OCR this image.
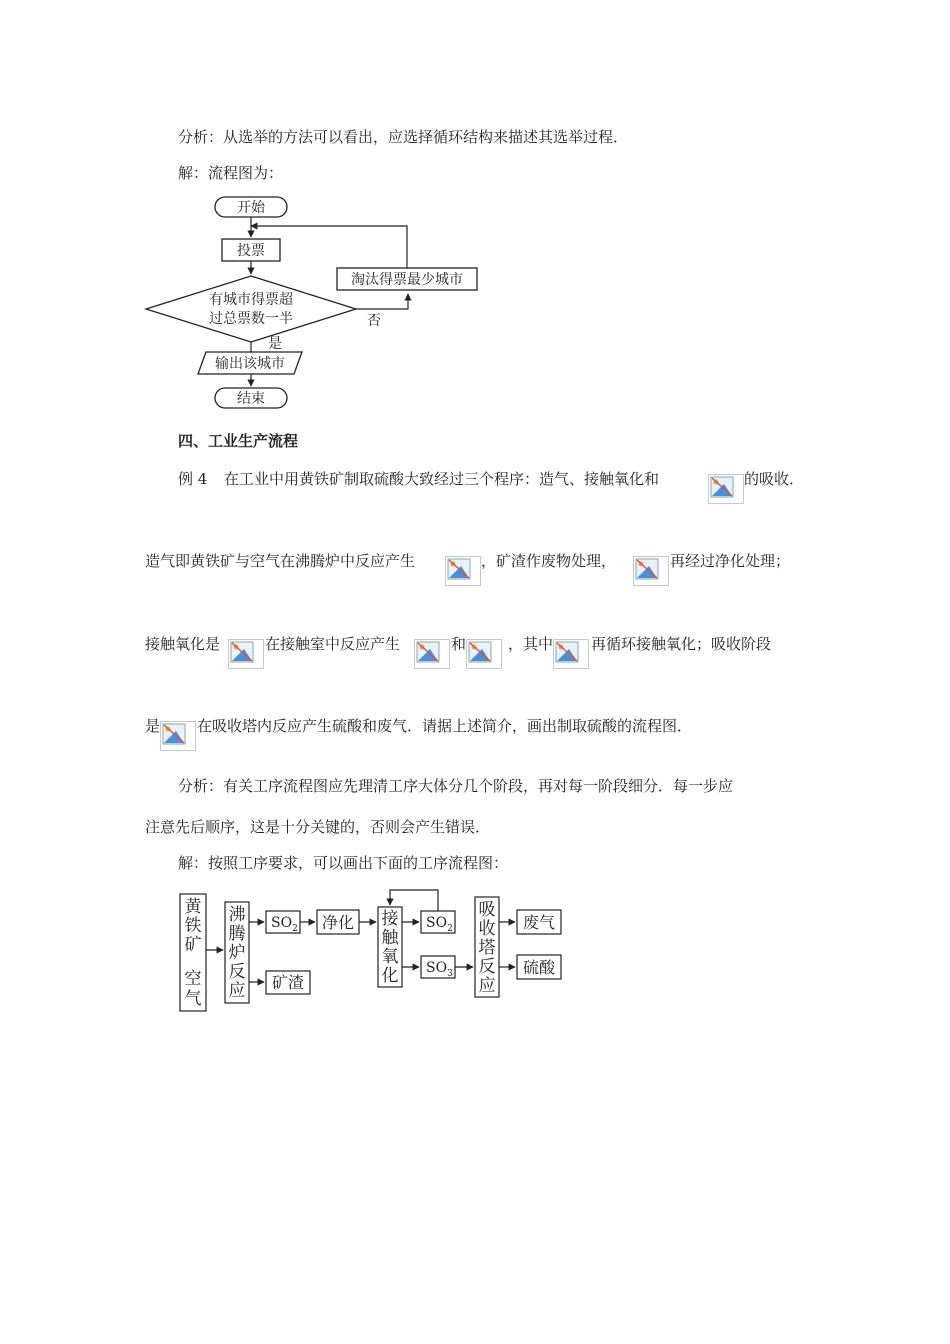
分析：从选举的方法可以看出，应选择循环结构来描述其选举过程．
解：流程图为：
开始
投票
有城市得票超
过总票数一半	否
淘汰得票最少城市
是
输出该城市
结束
四、工业生产流程
例 4 在工业中用黄铁矿制取硫酸大致经过三个程序：造气、接触氧化和	的吸收．
造气即黄铁矿与空气在沸腾炉中反应产生	，矿渣作废物处理，	再经过净化处理；
接触氧化是	在接触室中反应产生	和	，其中	再循环接触氧化；吸收阶段
是 在吸收塔内反应产生硫酸和废气．请据上述简介，画出制取硫酸的流程图．
分析：有关工序流程图应先理清工序大体分几个阶段，再对每一阶段细分．每一步应
注意先后顺序，这是十分关键的，否则会产生错误．
解：按照工序要求，可以画出下面的工序流程图：
黄
铁
矿
空
气
沸
腾
炉
反
应
$SO_2$
矿渣
净化 接
触
氧
化
$SO_2$
$SO_3$
吸
收
塔
反
应
废气
硫酸
